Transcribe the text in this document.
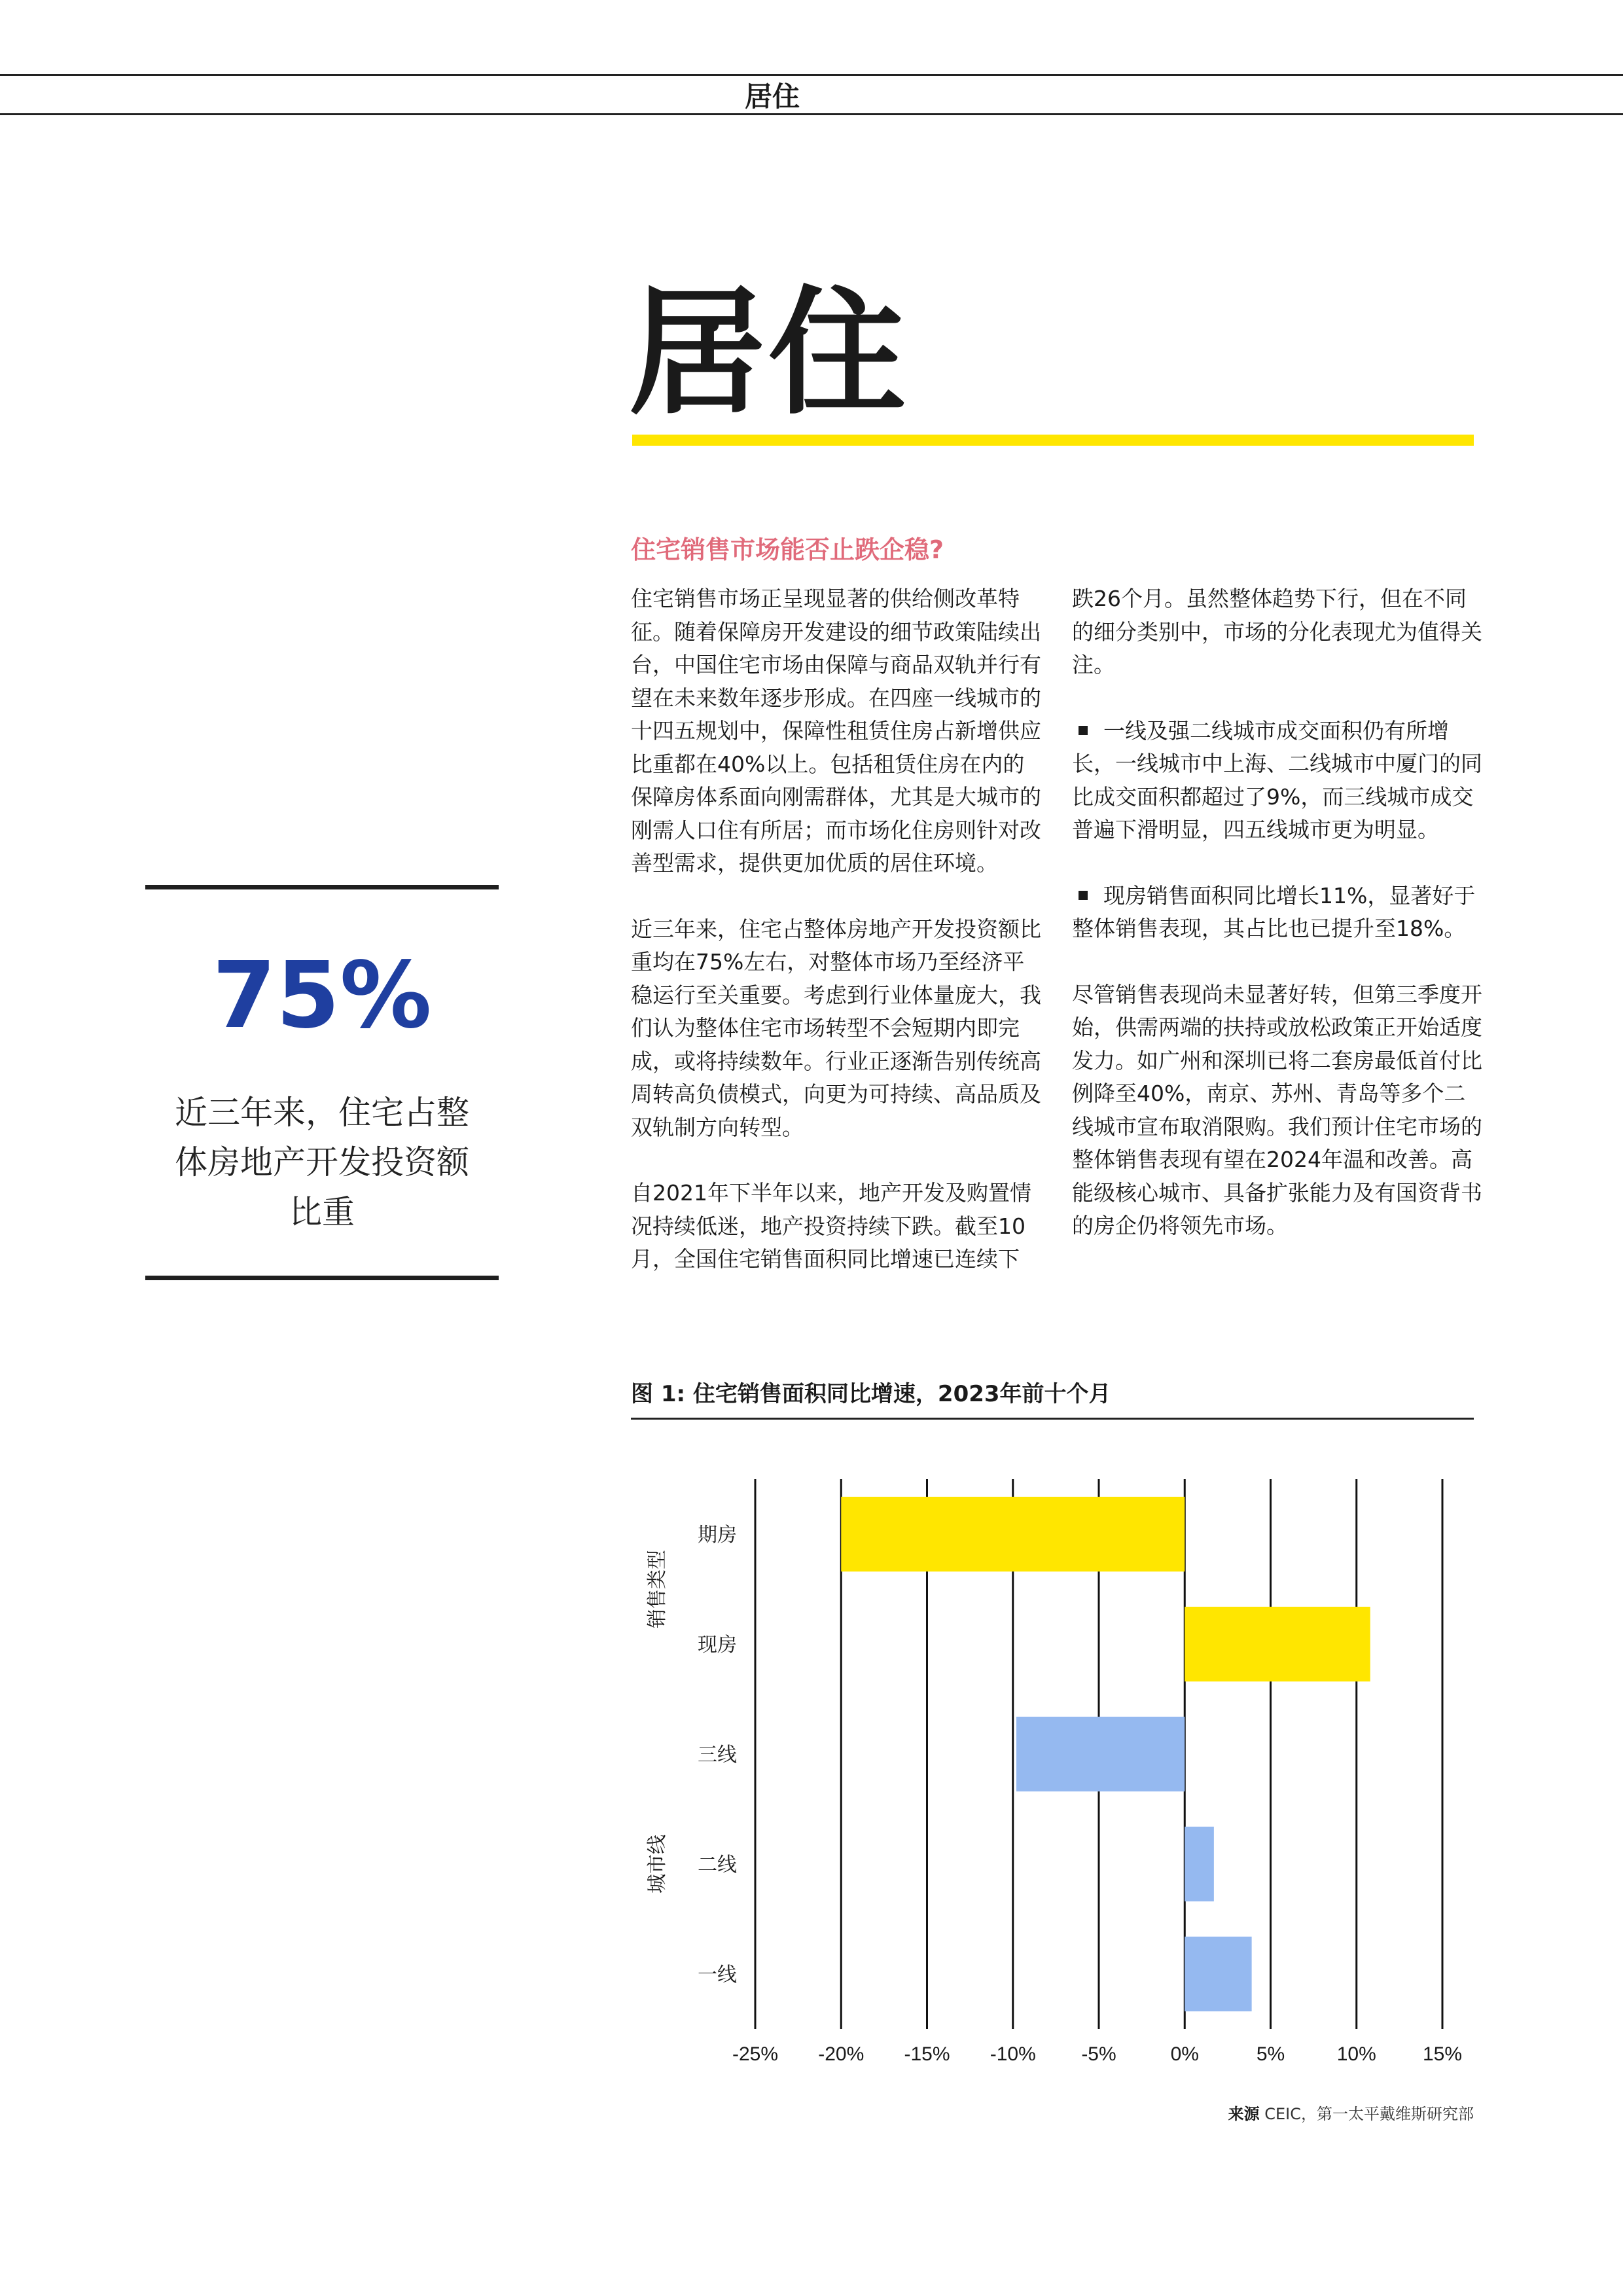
居住
居住
75%
近三年来，住宅占整体房地产开发投资额比重
住宅销售市场能否止跌企稳?

住宅销售市场正呈现显著的供给侧改革特征。随着保障房开发建设的细节政策陆续出台，中国住宅市场由保障与商品双轨并行有望在未来数年逐步形成。在四座一线城市的十四五规划中，保障性租赁住房占新增供应比重都在40%以上。包括租赁住房在内的保障房体系面向刚需群体，尤其是大城市的刚需人口住有所居；而市场化住房则针对改善型需求，提供更加优质的居住环境。

近三年来，住宅占整体房地产开发投资额比重均在75%左右，对整体市场乃至经济平稳运行至关重要。考虑到行业体量庞大，我们认为整体住宅市场转型不会短期内即完成，或将持续数年。行业正逐渐告别传统高周转高负债模式，向更为可持续、高品质及双轨制方向转型。

自2021年下半年以来，地产开发及购置情况持续低迷，地产投资持续下跌。截至10月，全国住宅销售面积同比增速已连续下

跌26个月。虽然整体趋势下行，但在不同的细分类别中，市场的分化表现尤为值得关注。

一线及强二线城市成交面积仍有所增长，一线城市中上海、二线城市中厦门的同比成交面积都超过了9%，而三线城市成交普遍下滑明显，四五线城市更为明显。

现房销售面积同比增长11%，显著好于整体销售表现，其占比也已提升至18%。

尽管销售表现尚未显著好转，但第三季度开始，供需两端的扶持或放松政策正开始适度发力。如广州和深圳已将二套房最低首付比例降至40%，南京、苏州、青岛等多个二线城市宣布取消限购。我们预计住宅市场的整体销售表现有望在2024年温和改善。高能级核心城市、具备扩张能力及有国资背书的房企仍将领先市场。

图 1: 住宅销售面积同比增速，2023年前十个月
-25% -20% -15% -10% -5%	0%	5%	10% 15%
期房
现房
三线
二线
一线
销售类型
城市线
来源 CEIC，第一太平戴维斯研究部
